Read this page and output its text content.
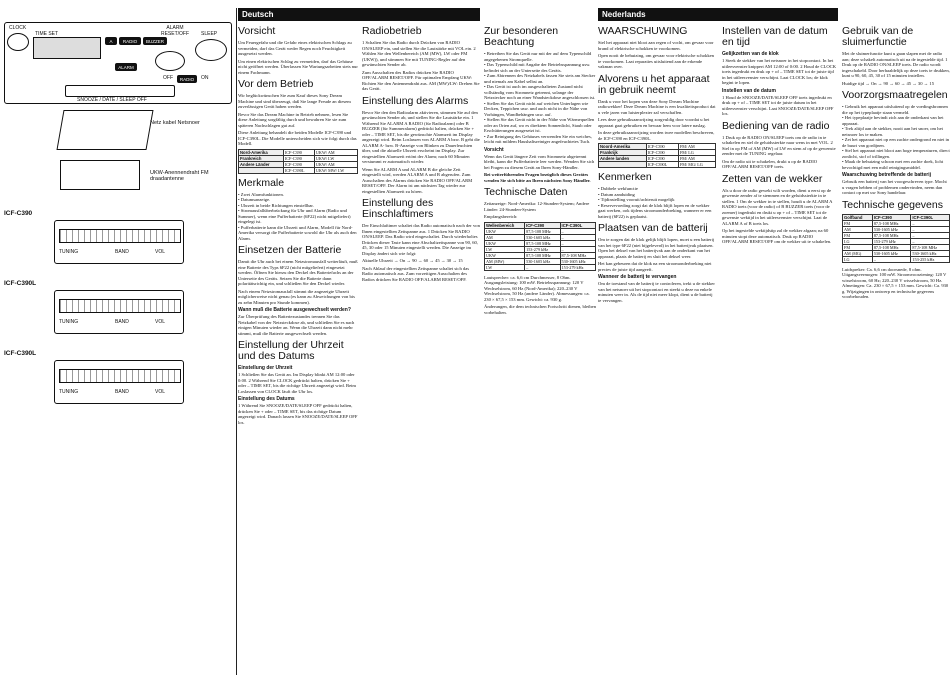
Deutsch	Nederlands
CLOCK
TIME SET
A	RADIO	BUZZER
ALARM RESET/OFF	SLEEP
ALARM
OFF	RADIO	ON
SNOOZE / DATE / SLEEP OFF
Netz kabel Netsnoer
UKW-Anennendraht FM draadantenne
ICF-C390
TUNING	BAND	VOL
ICF-C390L
TUNING	BAND	VOL
ICF-C390L
TUNING	BAND	VOL
Vorsicht

Um Feuergefahr und die Gefahr eines elektrischen Schlags zu vermeiden, darf das Gerät weder Regen noch Feuchtigkeit ausgesetzt werden.

Um einen elektrischen Schlag zu vermeiden, darf das Gehäuse nicht geöffnet werden. Überlassen Sie Wartungsarbeiten stets nur einem Fachmann.

Vor dem Betrieb

Wir beglückwünschen Sie zum Kauf dieses Sony Dream Machine und sind überzeugt, daß Sie lange Freude an diesem zuverlässigen Gerät haben werden.

Bevor Sie das Dream Machine in Betrieb nehmen, lesen Sie diese Anleitung sorgfältig durch und bewahren Sie sie zum späteren Nachschlagen gut auf.

Diese Anleitung behandelt die beiden Modelle ICF-C390 und ICF-C390L. Die Modelle unterscheiden sich wie folgt durch das Modell.

Nord-Amerika	ICF-C390	UKW/ AM
Frankreich	ICF-C390	UKW/ LW
Andere Länder	ICF-C390	UKW/ AM
	ICF-C390L	UKW/ MW/ LW
Merkmale
• Zwei Alarmfunktionen.
• Datumsanzeige.
• Uhrzeit in beide Richtungen einstellbar.
• Stromausfallüberbrückung für Uhr und Alarm (Radio und Summer), wenn eine Pufferbatterie (6F22) nicht mitgeliefert) eingelegt ist.
• Pufferbatterie kann die Uhrzeit und Alarm, Modell für Nord-Amerika versorgt die Pufferbatterie sowohl die Uhr als auch den Alarm.
Einsetzen der Batterie

Damit die Uhr auch bei einem Netzstromausfall weiterläuft, muß eine Batterie des Typs 6F22 (nicht mitgeliefert) eingesetzt werden. Öffnen Sie hierzu den Deckel des Batteriefachs an der Unterseite des Geräts. Setzen Sie die Batterie dann polaritätsrichtig ein, und schließen Sie den Deckel wieder.

Nach einem Netzstromausfall stimmt die angezeigte Uhrzeit möglicherweise nicht genau (es kann zu Abweichungen von bis zu zehn Minuten pro Stunde kommen).

Wann muß die Batterie ausgewechselt werden?

Zur Überprüfung des Batteriezustandes trennen Sie das Netzkabel von der Netzsteckdose ab, und schließen Sie es nach einigen Minuten wieder an. Wenn die Uhrzeit dann nicht mehr stimmt, muß die Batterie ausgewechselt werden.

Einstellung der Uhrzeit und des Datums
Einstellung der Uhrzeit

1 Schließen Sie das Gerät an. Im Display blinkt AM 12:00 oder 0:00. 2 Während Sie CLOCK gedrückt halten, drücken Sie + oder – TIME SET, bis die richtige Uhrzeit angezeigt wird. Beim Loslassen von CLOCK läuft die Uhr los.

Einstellung des Datums

1 Während Sie SNOOZE/DATE/SLEEP OFF gedrückt halten, drücken Sie + oder – TIME SET, bis das richtige Datum angezeigt wird. Danach lassen Sie SNOOZE/DATE/SLEEP OFF los.

Radiobetrieb

1 Schalten Sie das Radio durch Drücken von RADIO ON/SLEEP ein, und stellen Sie die Lautstärke mit VOL ein. 2 Wählen Sie den Wellenbereich (AM (MW), LW oder FM (UKW)), und stimmen Sie mit TUNING-Regler auf den gewünschten Sender ab.

Zum Ausschalten des Radios drücken Sie RADIO OFF/ALARM RESET/OFF. Für optimalen Empfang UKW: Richten Sie den Antennendraht aus. AM (MW)/LW: Drehen Sie das Gerät.

Einstellung des Alarms

Bevor Sie den den Radioalarm aktivieren, stimmen Sie auf den gewünschten Sender ab, und stellen Sie die Lautstärke ein. 1 Während Sie ALARM A RADIO (für Radioalarm) oder B BUZZER (für Summeralarm) gedrückt halten, drücken Sie + oder – TIME SET, bis die gewünschte Alarmzeit im Display angezeigt wird. Beim Loslassen von ALARM A bzw. B geht die ALARM A- bzw. B-Anzeige von Blinken zu Dauerleuchten über, und die aktuelle Uhrzeit erscheint im Display. Zur eingestellten Alarmzeit ertönt der Alarm; nach 60 Minuten verstummt er automatisch wieder.

Wenn Sie ALARM A und ALARM B die gleiche Zeit eingestellt wird, werden ALARM A und B abgerufen. Zum Ausschalten des Alarms drücken Sie RADIO OFF/ALARM RESET/OFF. Der Alarm ist am nächsten Tag wieder zur eingestellten Alarmzeit zu hören.

Einstellung des Einschlaftimers

Der Einschlaftimer schaltet das Radio automatisch nach der von Ihnen eingestellten Zeitspanne aus. 1 Drücken Sie RADIO ON/SLEEP. Das Radio wird eingeschaltet. Durch wiederholtes Drücken dieser Taste kann eine Abschaltzeitspanne von 90, 60, 45, 30 oder 15 Minuten eingestellt werden. Die Anzeige im Display ändert sich wie folgt:

Aktuelle Uhrzeit → On → 90 → 60 → 45 → 30 → 15

Nach Ablauf der eingestellten Zeitspanne schaltet sich das Radio automatisch aus. Zum vorzeitigen Ausschalten des Radios drücken Sie RADIO OFF/ALARM RESET/OFF.

Zur besonderen Beachtung
• Betreiben Sie das Gerät nur mit der auf dem Typenschild angegebenen Stromquelle.
• Das Typenschild mit Angabe der Betriebsspannung usw. befindet sich an der Unterseite des Geräts.
• Zum Abtrennen des Netzkabels fassen Sie stets am Stecker und niemals am Kabel selbst an.
• Das Gerät ist auch im ausgeschalteten Zustand nicht vollständig vom Stromnetz getrennt, solange der Netzstecker noch an einer Wandsteckdose angeschlossen ist.
• Stellen Sie das Gerät nicht auf weichen Unterlagen wie Decken, Teppichen usw. und auch nicht in die Nähe von Vorhängen, Wandbehängen usw. auf.
• Stellen Sie das Gerät nicht in der Nähe von Wärmequellen oder an Orten auf, wo es direktem Sonnenlicht, Staub oder Erschütterungen ausgesetzt ist.
• Zur Reinigung des Gehäuses verwenden Sie ein weiches, leicht mit mildem Haushaltsreiniger angefeuchtetes Tuch.
Vorsicht

Wenn das Gerät längere Zeit vom Stromnetz abgetrennt bleibt, kann die Pufferbatterie leer werden. Wenden Sie sich bei Fragen zu diesem Gerät an Ihren Sony-Händler.

Bei weiterführenden Fragen bezüglich dieses Gerätes wenden Sie sich bitte an Ihren nächsten Sony Händler.

Technische Daten

Zeitanzeige: Nord-Amerika: 12-Stunden-System; Andere Länder: 24-Stunden-System

Empfangsbereich:

Wellenbereich	ICF-C390	ICF-C390L
UKW	87,5-108 MHz	–
AM	530-1605 kHz	–
UKW	87,5-108 MHz	–
LW	153-279 kHz	–
UKW	87,5-108 MHz	87,5-108 MHz
AM (MW)	530-1605 kHz	530-1605 kHz
LW	–	153-279 kHz

Lautsprecher: ca. 6,6 cm Durchmesser, 8 Ohm. Ausgangsleistung: 100 mW. Betriebsspannung: 120 V Wechselstrom, 60 Hz (Nord-Amerika); 220–230 V Wechselstrom, 50 Hz (andere Länder). Abmessungen: ca. 230 × 67,5 × 153 mm. Gewicht: ca. 930 g.

Änderungen, die dem technischen Fortschritt dienen, bleiben vorbehalten.

WAARSCHUWING

Stel het apparaat niet bloot aan regen of vocht, om gevaar voor brand of elektrische schokken te voorkomen.

Open nooit de behuizing, om gevaar voor elektrische schokken te voorkomen. Laat reparaties uitsluitend aan de erkende vakman over.

Alvorens u het apparaat in gebruik neemt

Dank u voor het kopen van deze Sony Dream Machine radiowekker! Deze Dream Machine is een kwaliteitsproduct dat u vele jaren van luisterplezier zal verschaffen.

Lees deze gebruiksaanwijzing zorgvuldig door voordat u het apparaat gaat gebruiken en bewaar hem voor latere naslag.

In deze gebruiksaanwijzing worden twee modellen beschreven, de ICF-C390 en ICF-C390L.

Noord-Amerika	ICF-C390	FM/ AM
Frankrijk	ICF-C390	FM/ LG
Andere landen	ICF-C390	FM/ AM
	ICF-C390L	FM/ MG/ LG
Kenmerken
• Dubbele wekfunctie
• Datum aanduiding
• Tijdinstelling vooruit/achteruit mogelijk
• Reservevoeding zorgt dat de klok blijft lopen en de wekker gaat werken, ook tijdens stroomonderbreking, wanneer er een batterij (6F22) is geplaatst.
Plaatsen van de batterij

Om te zorgen dat de klok gelijk blijft lopen, moet u een batterij van het type 6F22 (niet bijgeleverd) in het batterijvak plaatsen. Open het deksel van het batterijvak aan de onderkant van het apparaat, plaats de batterij en sluit het deksel weer.

Het kan gebeuren dat de klok na een stroomonderbreking niet precies de juiste tijd aangeeft.

Wanneer de batterij te vervangen

Om de toestand van de batterij te controleren, trekt u de stekker van het netsnoer uit het stopcontact en steekt u deze na enkele minuten weer in. Als de tijd niet meer klopt, dient u de batterij te vervangen.

Instellen van de datum en tijd
Gelijkzetten van de klok

1 Steek de stekker van het netsnoer in het stopcontact. In het uitleesvenster knippert AM 12:00 of 0:00. 2 Houd de CLOCK toets ingedrukt en druk op + of – TIME SET tot de juiste tijd in het uitleesvenster verschijnt. Laat CLOCK los; de klok begint te lopen.

Instellen van de datum

1 Houd de SNOOZE/DATE/SLEEP OFF toets ingedrukt en druk op + of – TIME SET tot de juiste datum in het uitleesvenster verschijnt. Laat SNOOZE/DATE/SLEEP OFF los.

Bediening van de radio

1 Druk op de RADIO ON/SLEEP toets om de radio in te schakelen en stel de geluidssterkte naar wens in met VOL. 2 Stel in op FM of AM (MW) of LW en stem af op de gewenste zender met de TUNING regelaar.

Om de radio uit te schakelen, drukt u op de RADIO OFF/ALARM RESET/OFF toets.

Zetten van de wekker

Als u door de radio gewekt wilt worden, dient u eerst op de gewenste zender af te stemmen en de geluidssterkte in te stellen. 1 Om de wekker in te stellen, houdt u de ALARM A RADIO toets (voor de radio) of B BUZZER toets (voor de zoemer) ingedrukt en drukt u op + of – TIME SET tot de gewenste wektijd in het uitleesvenster verschijnt. Laat de ALARM A of B toets los.

Op het ingestelde wektijdstip zal de wekker afgaan; na 60 minuten stopt deze automatisch. Druk op RADIO OFF/ALARM RESET/OFF om de wekker uit te schakelen.

Gebruik van de sluimerfunctie

Met de sluimerfunctie kunt u gaan slapen met de radio aan; deze schakelt automatisch uit na de ingestelde tijd. 1 Druk op de RADIO ON/SLEEP toets. De radio wordt ingeschakeld. Door herhaaldelijk op deze toets te drukken, kunt u 90, 60, 45, 30 of 15 minuten instellen.

Huidige tijd → On → 90 → 60 → 45 → 30 → 15

Voorzorgsmaatregelen
• Gebruik het apparaat uitsluitend op de voedingsbronnen die op het typeplaatje staan vermeld.
• Het typeplaatje bevindt zich aan de onderkant van het apparaat.
• Trek altijd aan de stekker, nooit aan het snoer, om het netsnoer los te maken.
• Zet het apparaat niet op een zachte ondergrond en niet in de buurt van gordijnen.
• Stel het apparaat niet bloot aan hoge temperaturen, direct zonlicht, stof of trillingen.
• Maak de behuizing schoon met een zachte doek, licht bevochtigd met een mild reinigingsmiddel.
Waarschuwing betreffende de batterij

Gebruik een batterij van het voorgeschreven type. Mocht u vragen hebben of problemen ondervinden, neem dan contact op met uw Sony handelaar.

Technische gegevens
Golfband	ICF-C390	ICF-C390L
FM	87,5-108 MHz	–
AM	530-1605 kHz	–
FM	87,5-108 MHz	–
LG	153-279 kHz	–
FM	87,5-108 MHz	87,5-108 MHz
AM (MG)	530-1605 kHz	530-1605 kHz
LG	–	153-255 kHz

Luidspreker: Ca. 6,6 cm doorsnede, 8 ohm. Uitgangsvermogen: 100 mW. Stroomvoorziening: 120 V wisselstroom, 60 Hz; 220–230 V wisselstroom, 50 Hz. Afmetingen: Ca. 230 × 67,5 × 153 mm. Gewicht: Ca. 930 g. Wijzigingen in ontwerp en technische gegevens voorbehouden.
